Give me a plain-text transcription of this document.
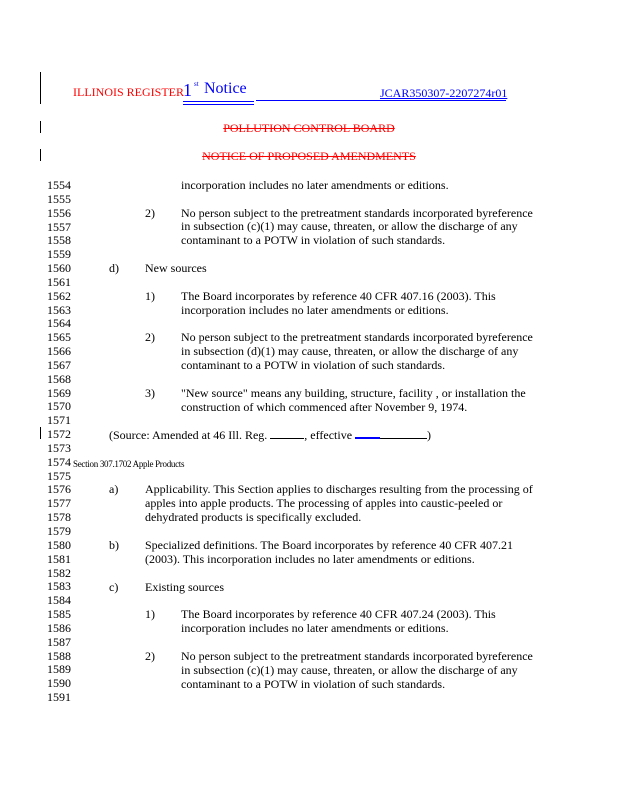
ILLINOIS REGISTER 1 st Notice	JCAR350307-2207274r01
POLLUTION CONTROL BOARD
NOTICE OF PROPOSED AMENDMENTS
1554
1555
1556
1557
1558
1559
1560
1561
1562
1563
1564
1565
1566
1567
1568
1569
1570
1571
1572
1573
1574
1575
1576
1577
1578
1579
1580
1581
1582
1583
1584
1585
1586
1587
1588
1589
1590
1591
incorporation includes no later amendments or editions.
2) No person subject to the pretreatment standards incorporated byreference
in subsection (c)(1) may cause, threaten, or allow the discharge of any
contaminant to a POTW in violation of such standards.
d) New sources
1) The Board incorporates by reference 40 CFR 407.16 (2003). This
incorporation includes no later amendments or editions.
2) No person subject to the pretreatment standards incorporated byreference
in subsection (d)(1) may cause, threaten, or allow the discharge of any
contaminant to a POTW in violation of such standards.
3) "New source" means any building, structure, facility , or installation the
construction of which commenced after November 9, 1974.
(Source: Amended at 46 Ill. Reg.	, effective	)
Section 307.1702 Apple Products
a) Applicability. This Section applies to discharges resulting from the processing of
apples into apple products. The processing of apples into caustic-peeled or
dehydrated products is specifically excluded.
b) Specialized definitions. The Board incorporates by reference 40 CFR 407.21
(2003). This incorporation includes no later amendments or editions.
c) Existing sources
1) The Board incorporates by reference 40 CFR 407.24 (2003). This
incorporation includes no later amendments or editions.
2) No person subject to the pretreatment standards incorporated byreference
in subsection (c)(1) may cause, threaten, or allow the discharge of any
contaminant to a POTW in violation of such standards.
